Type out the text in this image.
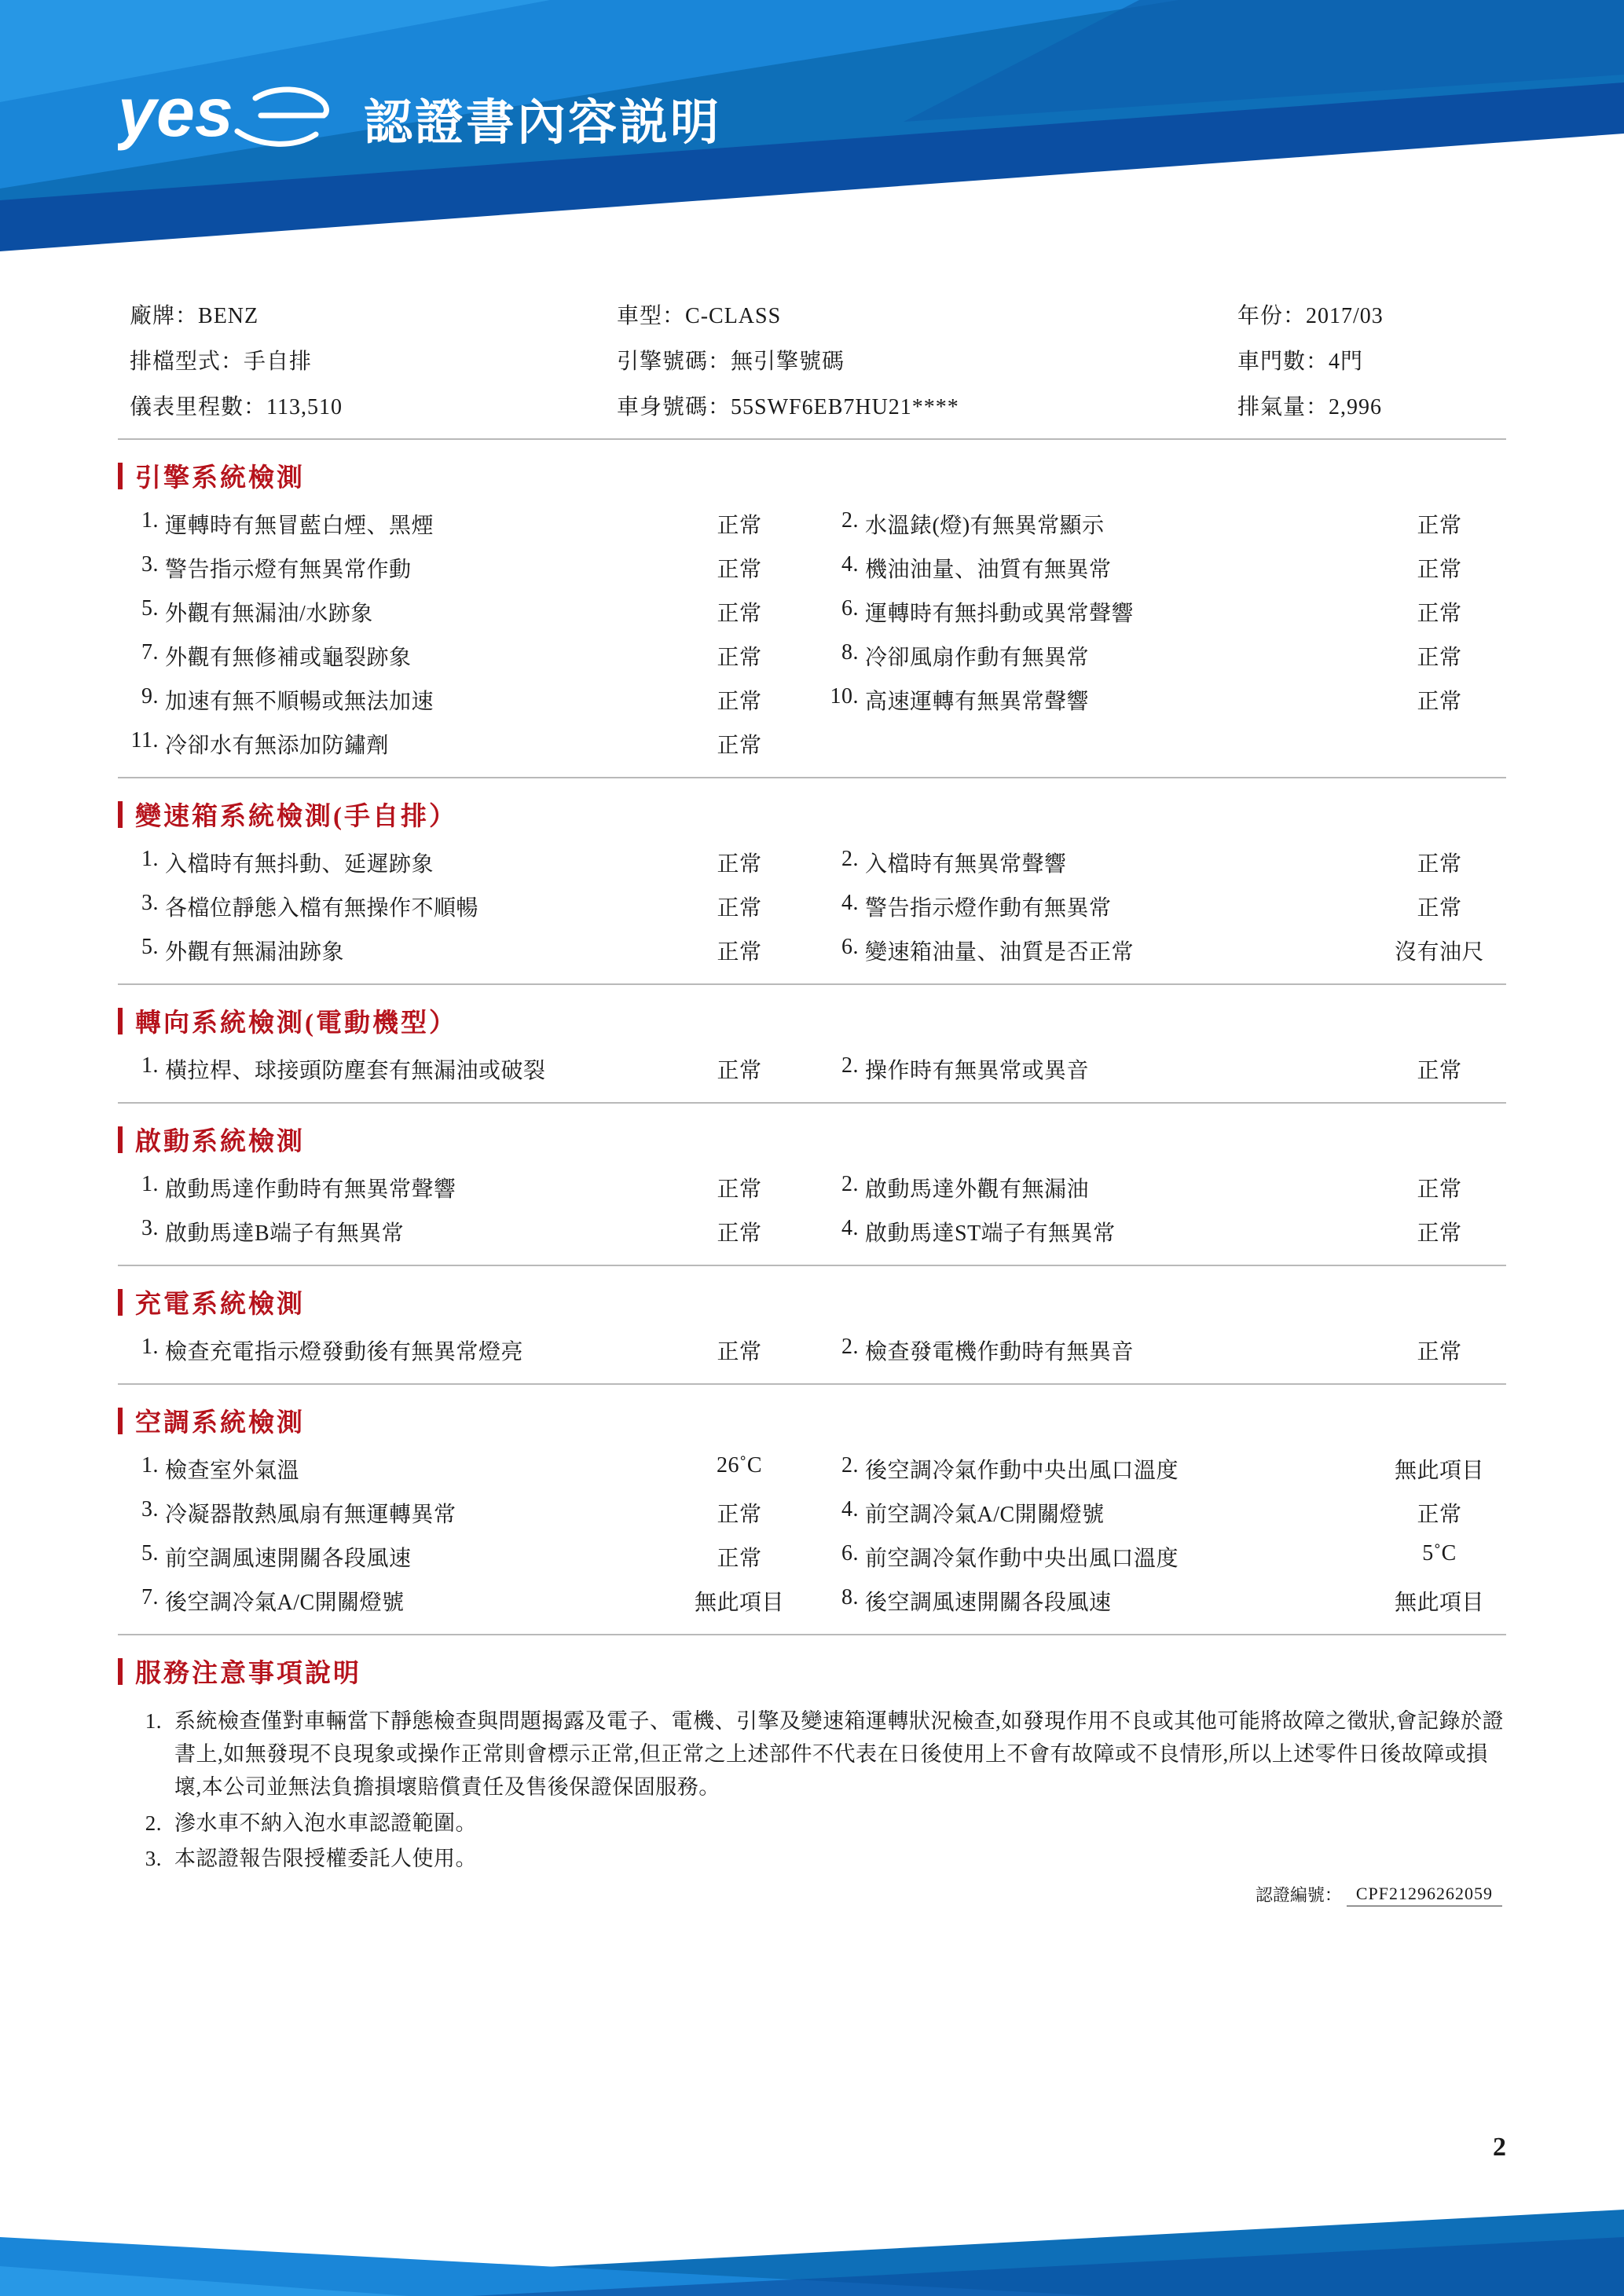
yes	認證書內容説明
廠牌：BENZ	車型：C-CLASS	年份：2017/03
排檔型式：手自排	引擎號碼：無引擎號碼	車門數：4門
儀表里程數：113,510	車身號碼：55SWF6EB7HU21****	排氣量：2,996
引擎系統檢測
1. 運轉時有無冒藍白煙、黑煙	正常	2. 水溫錶(燈)有無異常顯示	正常
3. 警告指示燈有無異常作動	正常	4. 機油油量、油質有無異常	正常
5. 外觀有無漏油/水跡象	正常	6. 運轉時有無抖動或異常聲響	正常
7. 外觀有無修補或龜裂跡象	正常	8. 冷卻風扇作動有無異常	正常
9. 加速有無不順暢或無法加速	正常	10. 高速運轉有無異常聲響	正常
11. 冷卻水有無添加防鏽劑	正常
變速箱系統檢測(手自排）
1. 入檔時有無抖動、延遲跡象	正常	2. 入檔時有無異常聲響	正常
3. 各檔位靜態入檔有無操作不順暢	正常	4. 警告指示燈作動有無異常	正常
5. 外觀有無漏油跡象	正常	6. 變速箱油量、油質是否正常	沒有油尺
轉向系統檢測(電動機型）
1. 橫拉桿、球接頭防塵套有無漏油或破裂	正常	2. 操作時有無異常或異音	正常
啟動系統檢測
1. 啟動馬達作動時有無異常聲響	正常	2. 啟動馬達外觀有無漏油	正常
3. 啟動馬達B端子有無異常	正常	4. 啟動馬達ST端子有無異常	正常
充電系統檢測
1. 檢查充電指示燈發動後有無異常燈亮	正常	2. 檢查發電機作動時有無異音	正常
空調系統檢測
1. 檢查室外氣溫	26˚C	2. 後空調冷氣作動中央出風口溫度	無此項目
3. 冷凝器散熱風扇有無運轉異常	正常	4. 前空調冷氣A/C開關燈號	正常
5. 前空調風速開關各段風速	正常	6. 前空調冷氣作動中央出風口溫度	5˚C
7. 後空調冷氣A/C開關燈號	無此項目	8. 後空調風速開關各段風速	無此項目
服務注意事項說明
1. 系統檢查僅對車輛當下靜態檢查與問題揭露及電子、電機、引擎及變速箱運轉狀況檢查,如發現作用不良或其他可能將故障之徵狀,會記錄於證書上,如無發現不良現象或操作正常則會標示正常,但正常之上述部件不代表在日後使用上不會有故障或不良情形,所以上述零件日後故障或損壞,本公司並無法負擔損壞賠償責任及售後保證保固服務。
2. 滲水車不納入泡水車認證範圍。
3. 本認證報告限授權委託人使用。
認證編號： CPF21296262059
2
